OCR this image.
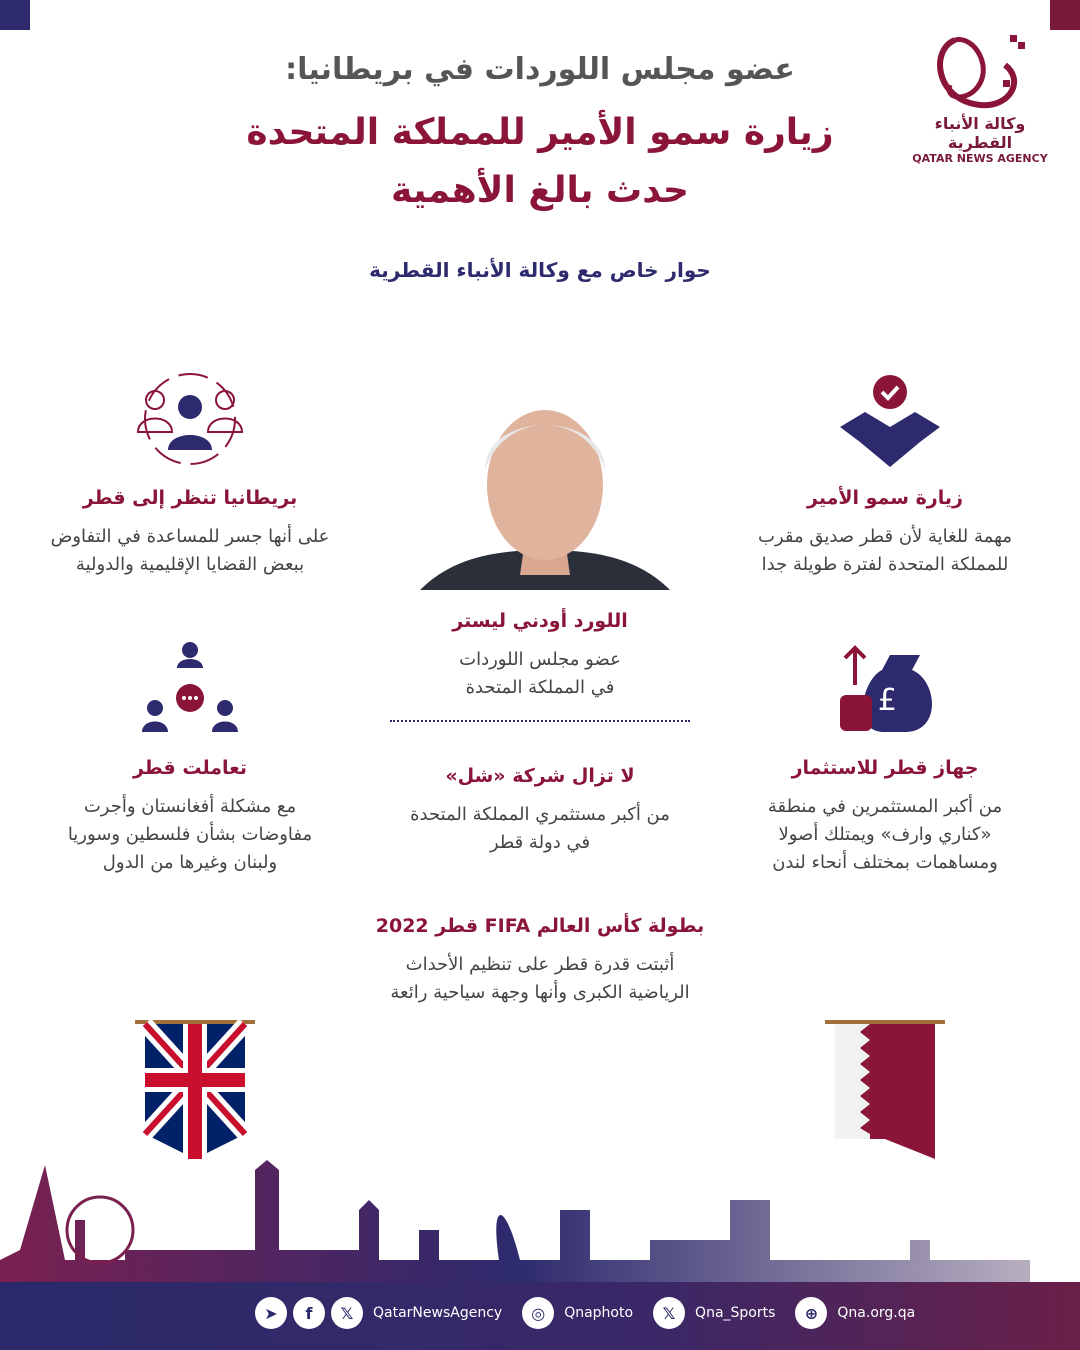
وكالة الأنباء القطرية
QATAR NEWS AGENCY
عضو مجلس اللوردات في بريطانيا:
زيارة سمو الأمير للمملكة المتحدة
حدث بالغ الأهمية
حوار خاص مع وكالة الأنباء القطرية
زيارة سمو الأمير

مهمة للغاية لأن قطر صديق مقرب

للمملكة المتحدة لفترة طويلة جدا

بريطانيا تنظر إلى قطر

على أنها جسر للمساعدة في التفاوض

ببعض القضايا الإقليمية والدولية

اللورد أودني ليستر

عضو مجلس اللوردات

في المملكة المتحدة	£
جهاز قطر للاستثمار

من أكبر المستثمرين في منطقة

«كناري وارف» ويمتلك أصولا

ومساهمات بمختلف أنحاء لندن

لا تزال شركة «شل»

من أكبر مستثمري المملكة المتحدة

في دولة قطر

تعاملت قطر

مع مشكلة أفغانستان وأجرت

مفاوضات بشأن فلسطين وسوريا

ولبنان وغيرها من الدول

بطولة كأس العالم FIFA قطر 2022

أثبتت قدرة قطر على تنظيم الأحداث

الرياضية الكبرى وأنها وجهة سياحية رائعة

➤	f	𝕏	QatarNewsAgency	◎	Qnaphoto	𝕏	Qna_Sports	⊕	Qna.org.qa
